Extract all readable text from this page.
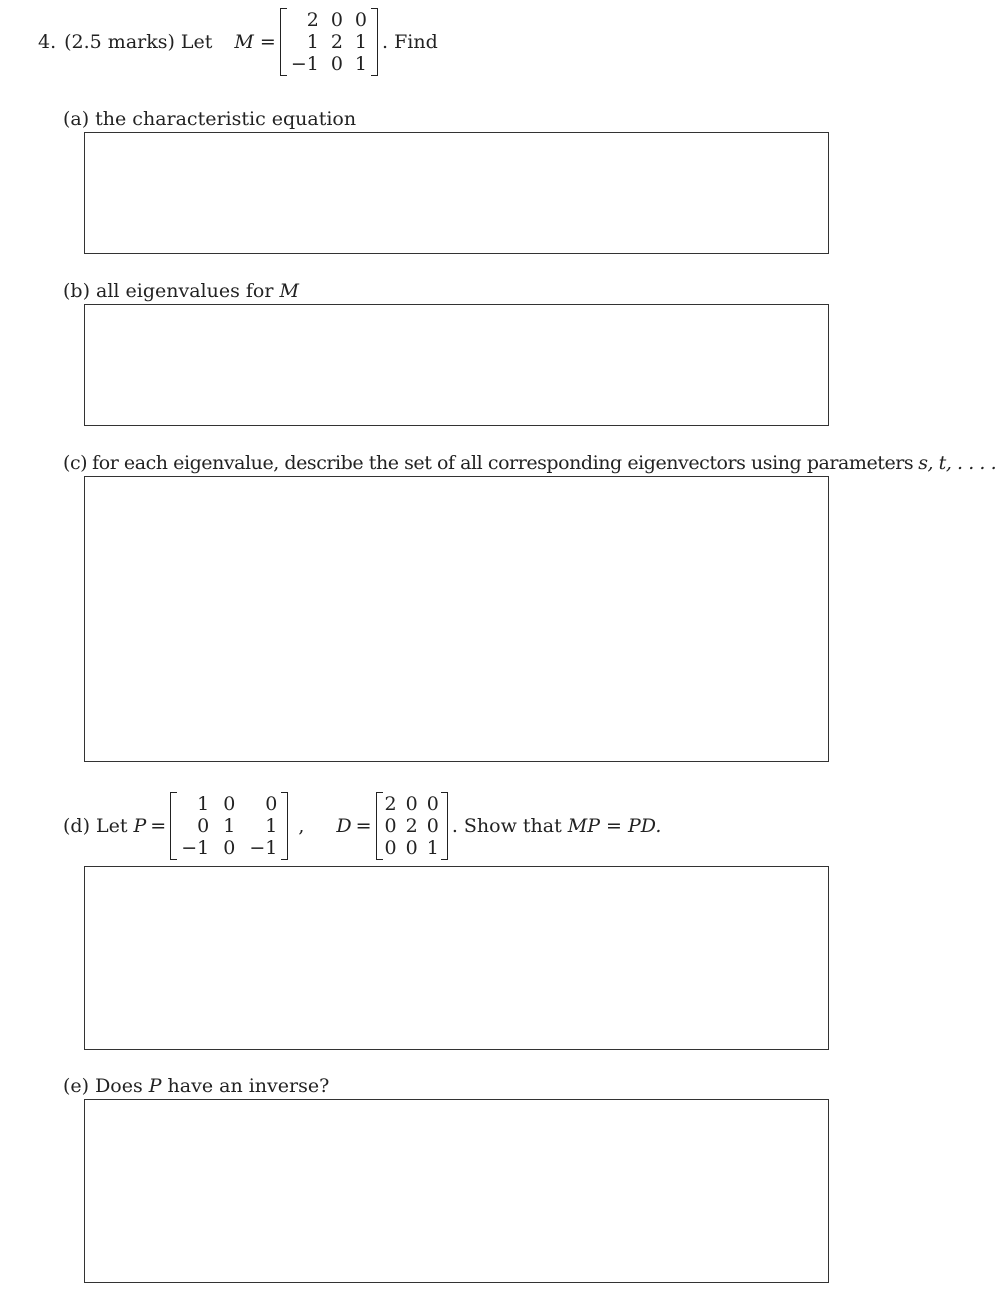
4. (2.5 marks) Let M =
2 0 0
1 2 1
−1 0 1
. Find
(a) the characteristic equation
(b) all eigenvalues for M
(c) for each eigenvalue, describe the set of all corresponding eigenvectors using parameters s, t, . . . .
(d) Let P =
1 0	0
0 1	1
−1 0 −1
, D =
2 0 0
0 2 0
0 0 1
. Show that MP = PD.
(e) Does P have an inverse?
